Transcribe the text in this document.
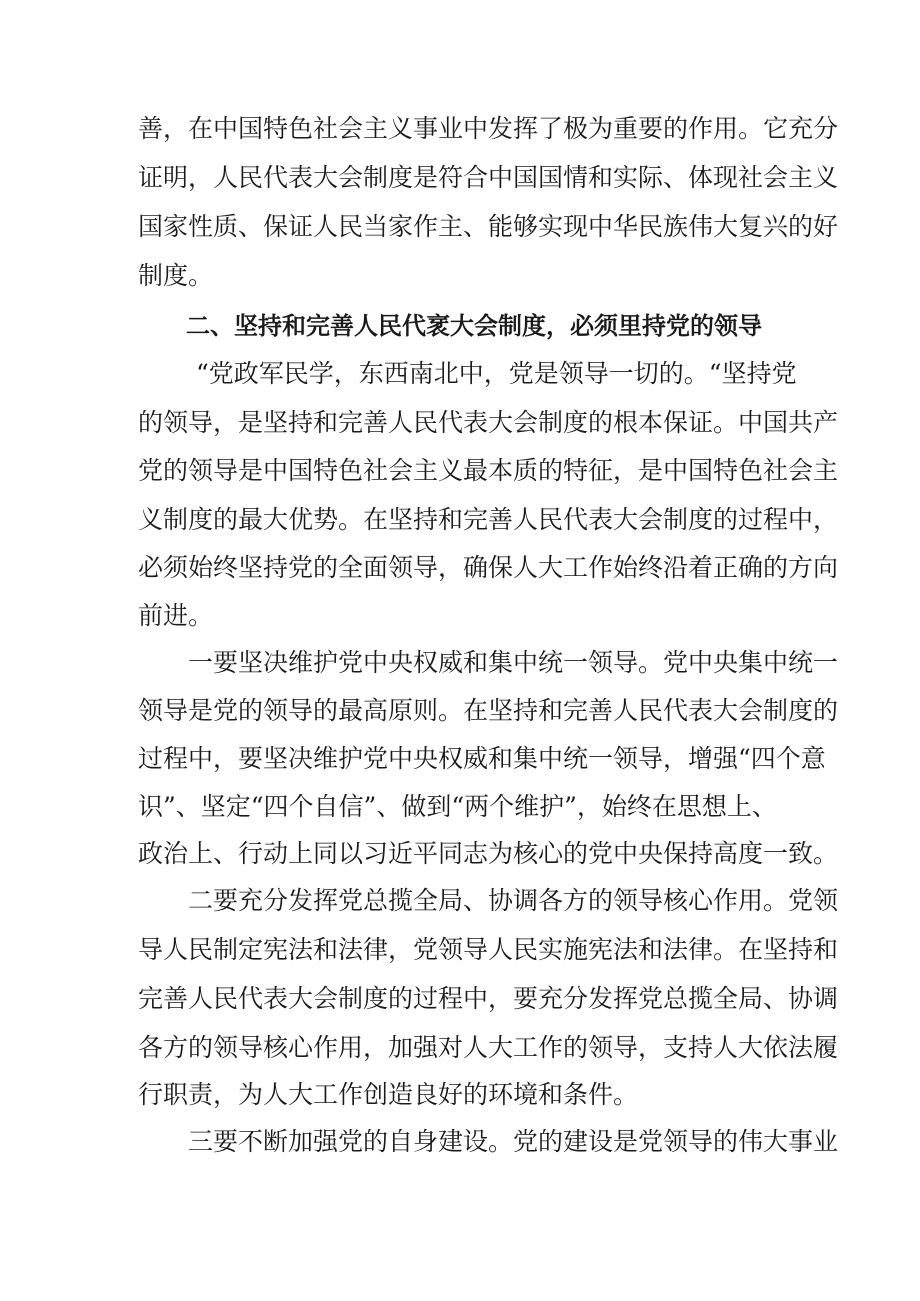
善，在中国特色社会主义事业中发挥了极为重要的作用。它充分
证明，人民代表大会制度是符合中国国情和实际、体现社会主义
国家性质、保证人民当家作主、能够实现中华民族伟大复兴的好
制度。
二、坚持和完善人民代衺大会制度，必须里持党的领导
“党政军民学，东西南北中，党是领导一切的。“坚持党
的领导，是坚持和完善人民代表大会制度的根本保证。中国共产
党的领导是中国特色社会主义最本质的特征，是中国特色社会主
义制度的最大优势。在坚持和完善人民代表大会制度的过程中，
必须始终坚持党的全面领导，确保人大工作始终沿着正确的方向
前进。
一要坚决维护党中央权威和集中统一领导。党中央集中统一
领导是党的领导的最高原则。在坚持和完善人民代表大会制度的
过程中，要坚决维护党中央权威和集中统一领导，增强“四个意
识”、坚定“四个自信”、做到“两个维护”，始终在思想上、
政治上、行动上同以习近平同志为核心的党中央保持高度一致。
二要充分发挥党总揽全局、协调各方的领导核心作用。党领
导人民制定宪法和法律，党领导人民实施宪法和法律。在坚持和
完善人民代表大会制度的过程中，要充分发挥党总揽全局、协调
各方的领导核心作用，加强对人大工作的领导，支持人大依法履
行职责，为人大工作创造良好的环境和条件。
三要不断加强党的自身建设。党的建设是党领导的伟大事业
